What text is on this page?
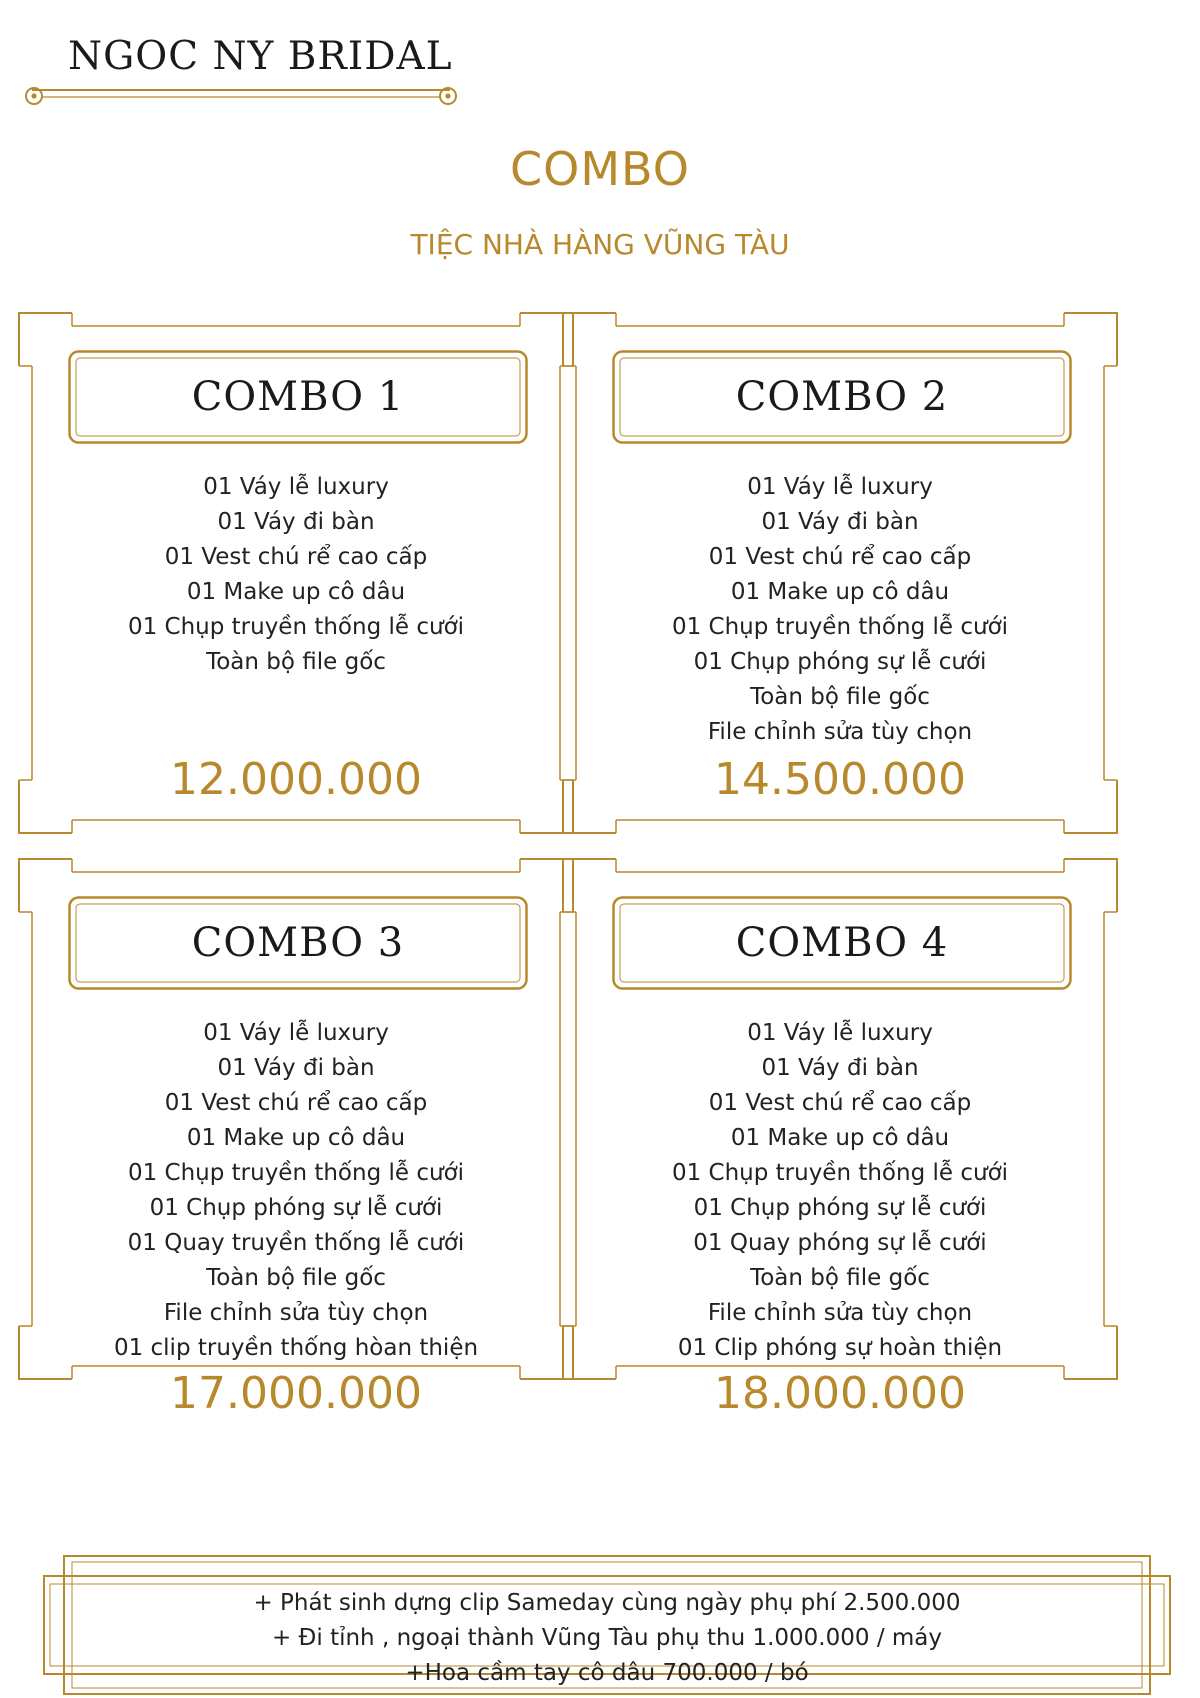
NGOC NY BRIDAL
COMBO
TIỆC NHÀ HÀNG VŨNG TÀU
COMBO 1
01 Váy lễ luxury
01 Váy đi bàn
01 Vest chú rể cao cấp
01 Make up cô dâu
01 Chụp truyền thống lễ cưới
Toàn bộ file gốc
12.000.000
COMBO 2
01 Váy lễ luxury
01 Váy đi bàn
01 Vest chú rể cao cấp
01 Make up cô dâu
01 Chụp truyền thống lễ cưới
01 Chụp phóng sự lễ cưới
Toàn bộ file gốc
File chỉnh sửa tùy chọn
14.500.000
COMBO 3
01 Váy lễ luxury
01 Váy đi bàn
01 Vest chú rể cao cấp
01 Make up cô dâu
01 Chụp truyền thống lễ cưới
01 Chụp phóng sự lễ cưới
01 Quay truyền thống lễ cưới
Toàn bộ file gốc
File chỉnh sửa tùy chọn
01 clip truyền thống hòan thiện
17.000.000
COMBO 4
01 Váy lễ luxury
01 Váy đi bàn
01 Vest chú rể cao cấp
01 Make up cô dâu
01 Chụp truyền thống lễ cưới
01 Chụp phóng sự lễ cưới
01 Quay phóng sự lễ cưới
Toàn bộ file gốc
File chỉnh sửa tùy chọn
01 Clip phóng sự hoàn thiện
18.000.000
+ Phát sinh dựng clip Sameday cùng ngày phụ phí 2.500.000
+ Đi tỉnh , ngoại thành Vũng Tàu phụ thu 1.000.000 / máy
+Hoa cầm tay cô dâu 700.000 / bó
